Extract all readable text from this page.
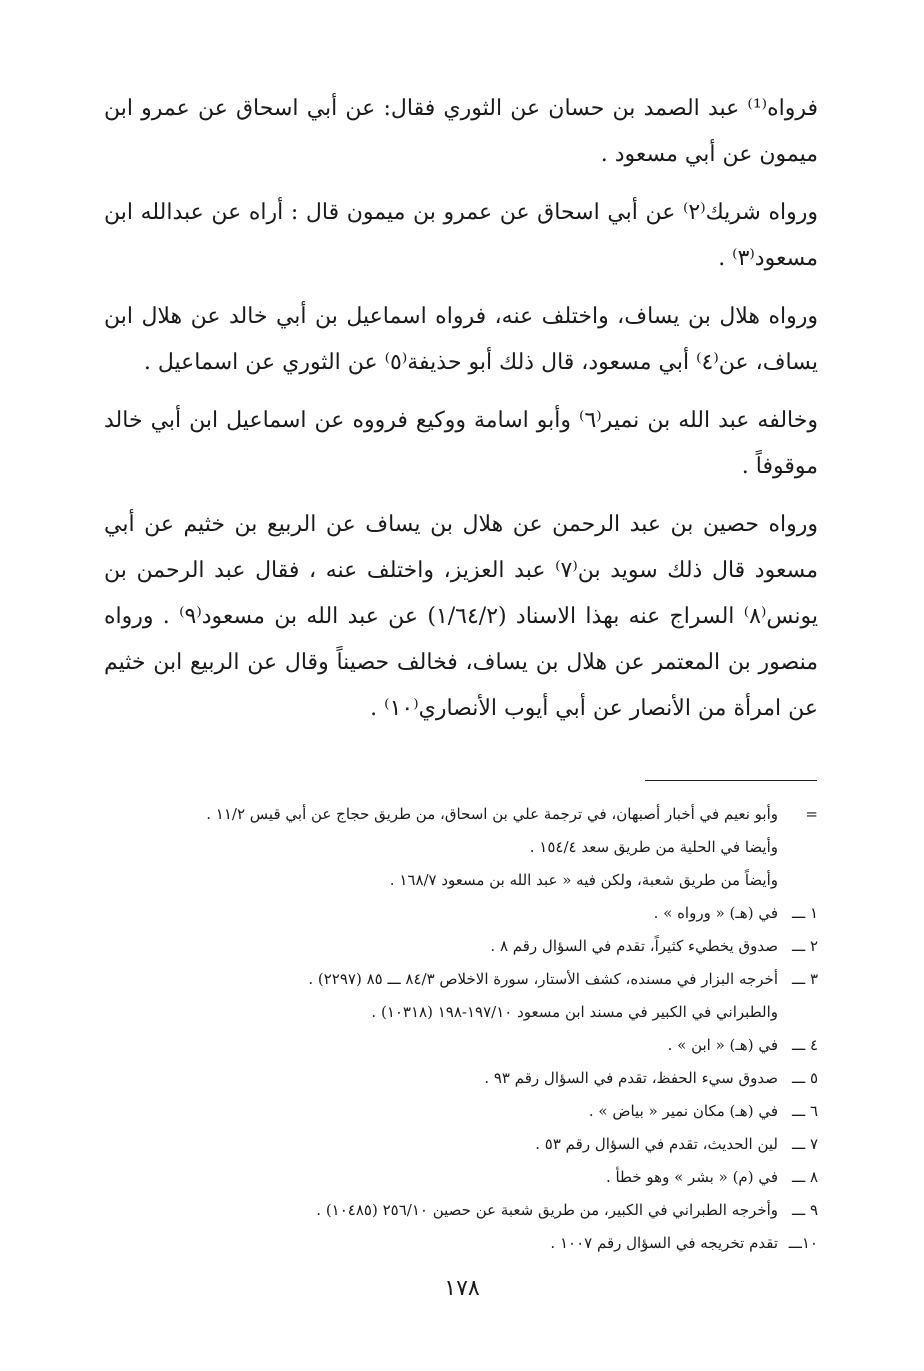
فرواه⁽¹⁾ عبد الصمد بن حسان عن الثوري فقال: عن أبي اسحاق عن عمرو ابن ميمون عن أبي مسعود .

ورواه شريك⁽٢⁾ عن أبي اسحاق عن عمرو بن ميمون قال : أراه عن عبدالله ابن مسعود⁽٣⁾ .

ورواه هلال بن يساف، واختلف عنه، فرواه اسماعيل بن أبي خالد عن هلال ابن يساف، عن⁽٤⁾ أبي مسعود، قال ذلك أبو حذيفة⁽٥⁾ عن الثوري عن اسماعيل .

وخالفه عبد الله بن نمير⁽٦⁾ وأبو اسامة ووكيع فرووه عن اسماعيل ابن أبي خالد موقوفاً .

ورواه حصين بن عبد الرحمن عن هلال بن يساف عن الربيع بن خثيم عن أبي مسعود قال ذلك سويد بن⁽٧⁾ عبد العزيز، واختلف عنه ، فقال عبد الرحمن بن يونس⁽٨⁾ السراج عنه بهذا الاسناد (١/٦٤/٢) عن عبد الله بن مسعود⁽٩⁾ . ورواه منصور بن المعتمر عن هلال بن يساف، فخالف حصيناً وقال عن الربيع ابن خثيم عن امرأة من الأنصار عن أبي أيوب الأنصاري⁽١٠⁾ .

=
وأبو نعيم في أخبار أصبهان، في ترجمة علي بن اسحاق، من طريق حجاج عن أبي قيس ١١/٢ .
وأيضا في الحلية من طريق سعد ١٥٤/٤ .
وأيضاً من طريق شعبة، ولكن فيه « عبد الله بن مسعود ١٦٨/٧ .
١ ـــ
في (هـ) « ورواه » .
٢ ـــ
صدوق يخطيء كثيراً، تقدم في السؤال رقم ٨ .
٣ ـــ
أخرجه البزار في مسنده، كشف الأستار، سورة الاخلاص ٨٤/٣ ـــ ٨٥ (٢٢٩٧) .
والطبراني في الكبير في مسند ابن مسعود ١٩٧/١٠-١٩٨ (١٠٣١٨) .
٤ ـــ
في (هـ) « ابن » .
٥ ـــ
صدوق سيء الحفظ، تقدم في السؤال رقم ٩٣ .
٦ ـــ
في (هـ) مكان نمير « بياض » .
٧ ـــ
لين الحديث، تقدم في السؤال رقم ٥٣ .
٨ ـــ
في (م) « بشر » وهو خطأ .
٩ ـــ
وأخرجه الطبراني في الكبير، من طريق شعبة عن حصين ٢٥٦/١٠ (١٠٤٨٥) .
١٠ـــ
تقدم تخريجه في السؤال رقم ١٠٠٧ .
١٧٨
